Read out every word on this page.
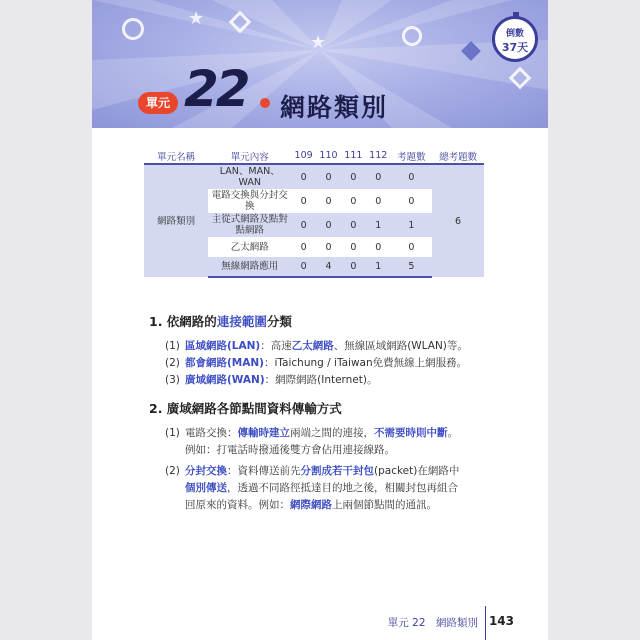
★
★	倒數
37天
單元 22 網路類別
單元名稱	單元內容	109	110	111	112	考題數	總考題數
網路類別	LAN、MAN、WAN	0	0	0	0	0	6
	電路交換與分封交換	0	0	0	0	0	
	主從式網路及點對點網路	0	0	0	1	1	
	乙太網路	0	0	0	0	0	
	無線網路應用	0	4	0	1	5	
1. 依網路的連接範圍分類
(1) 區域網路(LAN)：高速乙太網路、無線區域網路(WLAN)等。
(2) 都會網路(MAN)：iTaichung / iTaiwan免費無線上網服務。
(3) 廣域網路(WAN)：網際網路(Internet)。
2. 廣域網路各節點間資料傳輸方式
(1) 電路交換：傳輸時建立兩端之間的連接，不需要時則中斷。
例如：打電話時撥通後雙方會佔用連接線路。
(2) 分封交換：資料傳送前先分割成若干封包(packet)在網路中
個別傳送，透過不同路徑抵達目的地之後，相關封包再組合
回原來的資料。例如：網際網路上兩個節點間的通訊。
單元 22　網路類別 143
